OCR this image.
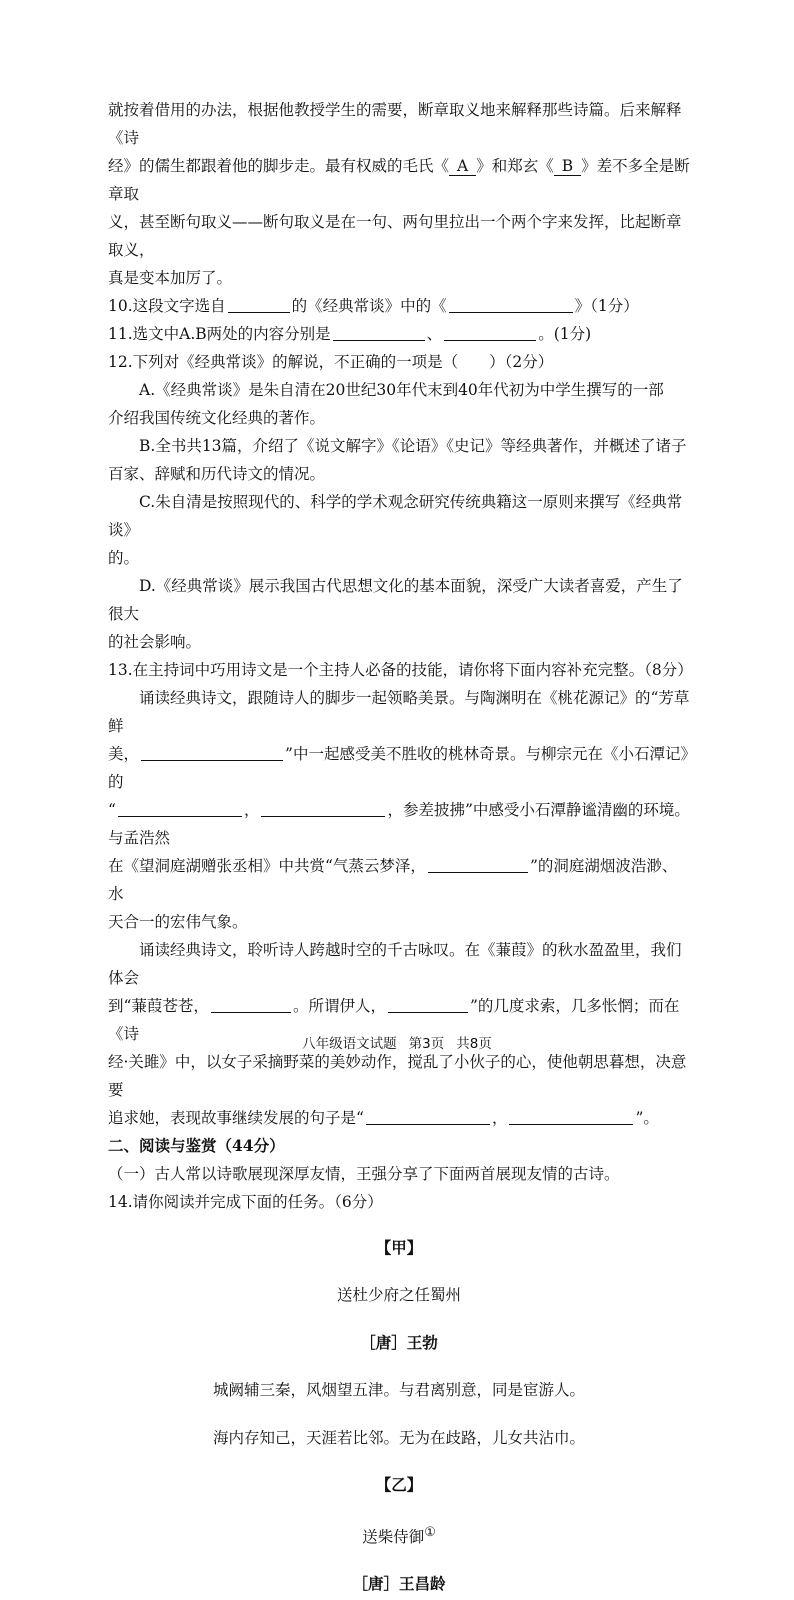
就按着借用的办法，根据他教授学生的需要，断章取义地来解释那些诗篇。后来解释《诗

经》的儒生都跟着他的脚步走。最有权威的毛氏《 A 》和郑玄《 B 》差不多全是断章取

义，甚至断句取义——断句取义是在一句、两句里拉出一个两个字来发挥，比起断章取义，

真是变本加厉了。

10.这段文字选自	的《经典常谈》中的《	》（1分）

11.选文中A.B两处的内容分别是	、	。(1分)

12.下列对《经典常谈》的解说，不正确的一项是（　　）（2分）

A.《经典常谈》是朱自清在20世纪30年代末到40年代初为中学生撰写的一部

介绍我国传统文化经典的著作。

B.全书共13篇，介绍了《说文解字》《论语》《史记》等经典著作，并概述了诸子

百家、辞赋和历代诗文的情况。

C.朱自清是按照现代的、科学的学术观念研究传统典籍这一原则来撰写《经典常谈》

的。

D.《经典常谈》展示我国古代思想文化的基本面貌，深受广大读者喜爱，产生了很大

的社会影响。

13.在主持词中巧用诗文是一个主持人必备的技能，请你将下面内容补充完整。（8分）

诵读经典诗文，跟随诗人的脚步一起领略美景。与陶渊明在《桃花源记》的“芳草鲜

美，	”中一起感受美不胜收的桃林奇景。与柳宗元在《小石潭记》的

“	，	，参差披拂”中感受小石潭静谧清幽的环境。与孟浩然

在《望洞庭湖赠张丞相》中共赏“气蒸云梦泽，	”的洞庭湖烟波浩渺、水

天合一的宏伟气象。

诵读经典诗文，聆听诗人跨越时空的千古咏叹。在《蒹葭》的秋水盈盈里，我们体会

到“蒹葭苍苍，	。所谓伊人，	”的几度求索，几多怅惘；而在《诗

经·关雎》中，以女子采摘野菜的美妙动作，搅乱了小伙子的心，使他朝思暮想，决意要

追求她，表现故事继续发展的句子是“	，	”。

二、阅读与鉴赏（44分）

（一）古人常以诗歌展现深厚友情，王强分享了下面两首展现友情的古诗。

14.请你阅读并完成下面的任务。（6分）

【甲】

送杜少府之任蜀州

［唐］王勃

城阙辅三秦，风烟望五津。与君离别意，同是宦游人。

海内存知己，天涯若比邻。无为在歧路，儿女共沾巾。

【乙】

送柴侍御①

［唐］王昌龄

八年级语文试题 第3页 共8页
